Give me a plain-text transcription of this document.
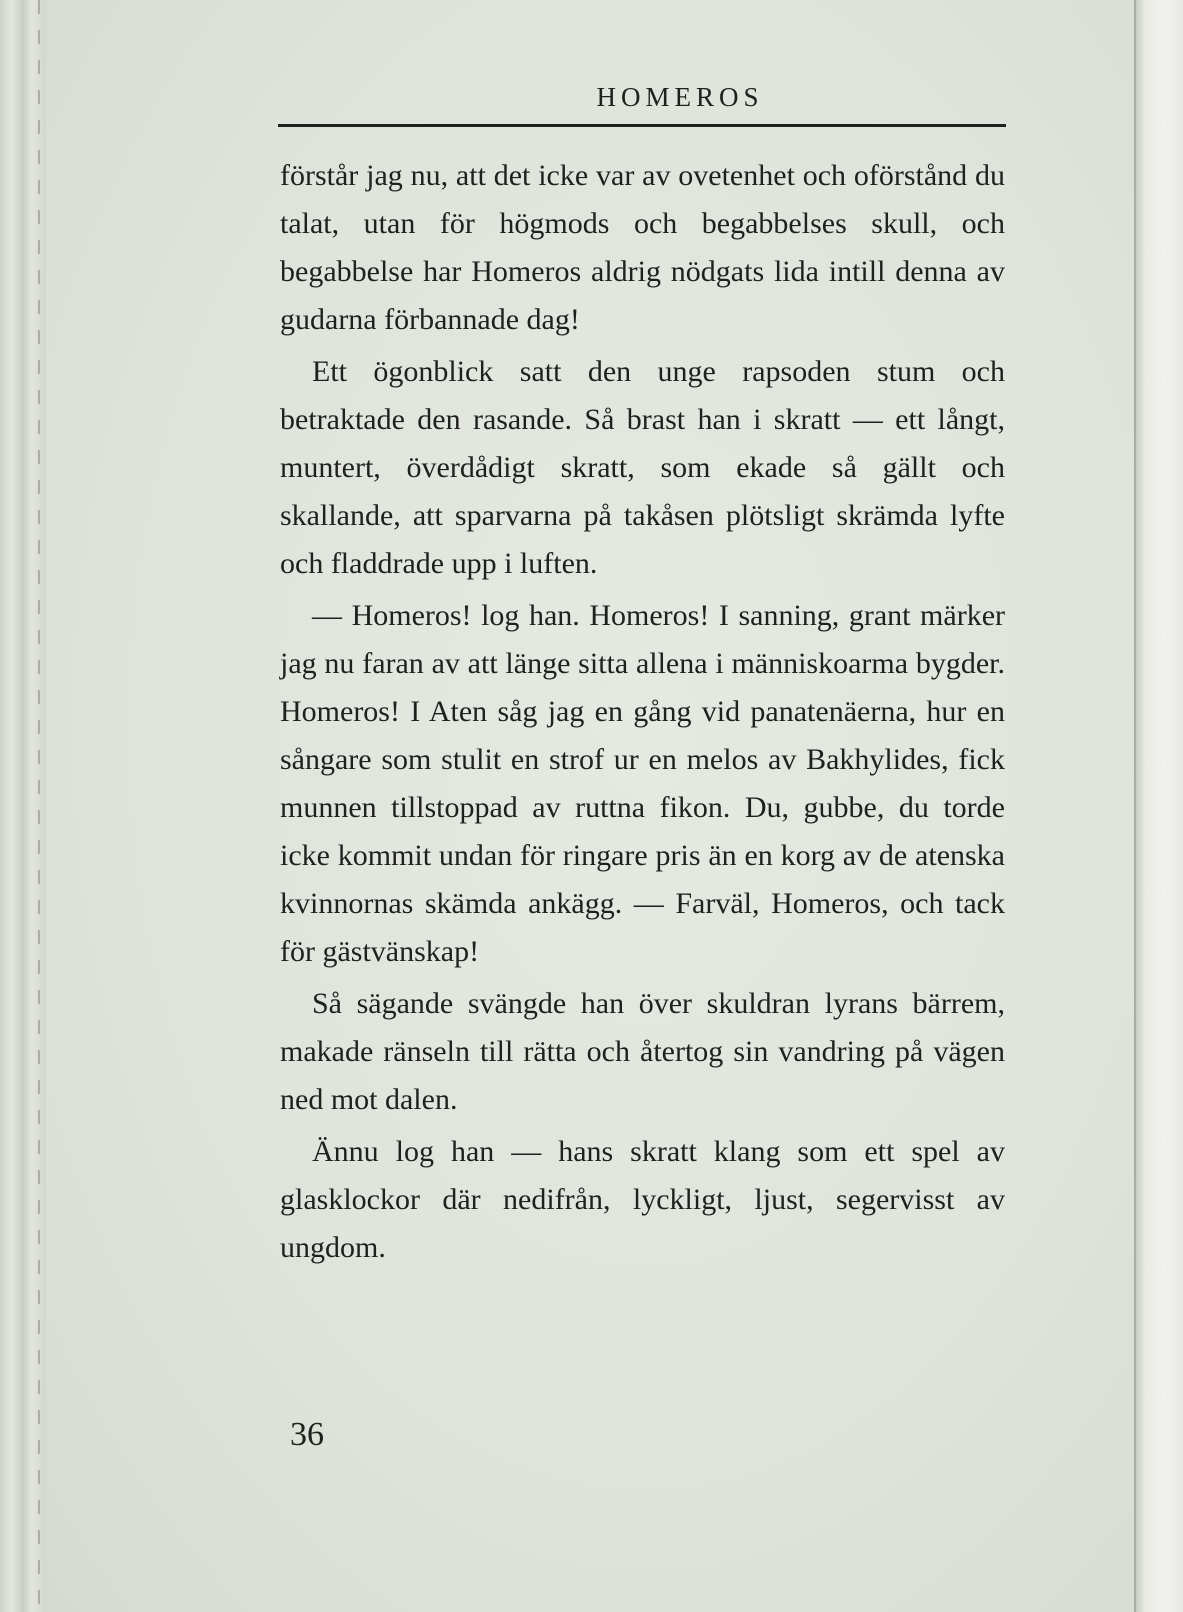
HOMEROS

förstår jag nu, att det icke var av ovetenhet och oförstånd du talat, utan för högmods och begabbelses skull, och begabbelse har Homeros aldrig nödgats lida intill denna av gudarna förbannade dag!

Ett ögonblick satt den unge rapsoden stum och betraktade den rasande. Så brast han i skratt — ett långt, muntert, överdådigt skratt, som ekade så gällt och skallande, att sparvarna på takåsen plötsligt skrämda lyfte och fladdrade upp i luften.

— Homeros! log han. Homeros! I sanning, grant märker jag nu faran av att länge sitta allena i människoarma bygder. Homeros! I Aten såg jag en gång vid panatenäerna, hur en sångare som stulit en strof ur en melos av Bakhylides, fick munnen tillstoppad av ruttna fikon. Du, gubbe, du torde icke kommit undan för ringare pris än en korg av de atenska kvinnornas skämda ankägg. — Farväl, Homeros, och tack för gästvänskap!

Så sägande svängde han över skuldran lyrans bärrem, makade ränseln till rätta och återtog sin vandring på vägen ned mot dalen.

Ännu log han — hans skratt klang som ett spel av glasklockor där nedifrån, lyckligt, ljust, segervisst av ungdom.

36
